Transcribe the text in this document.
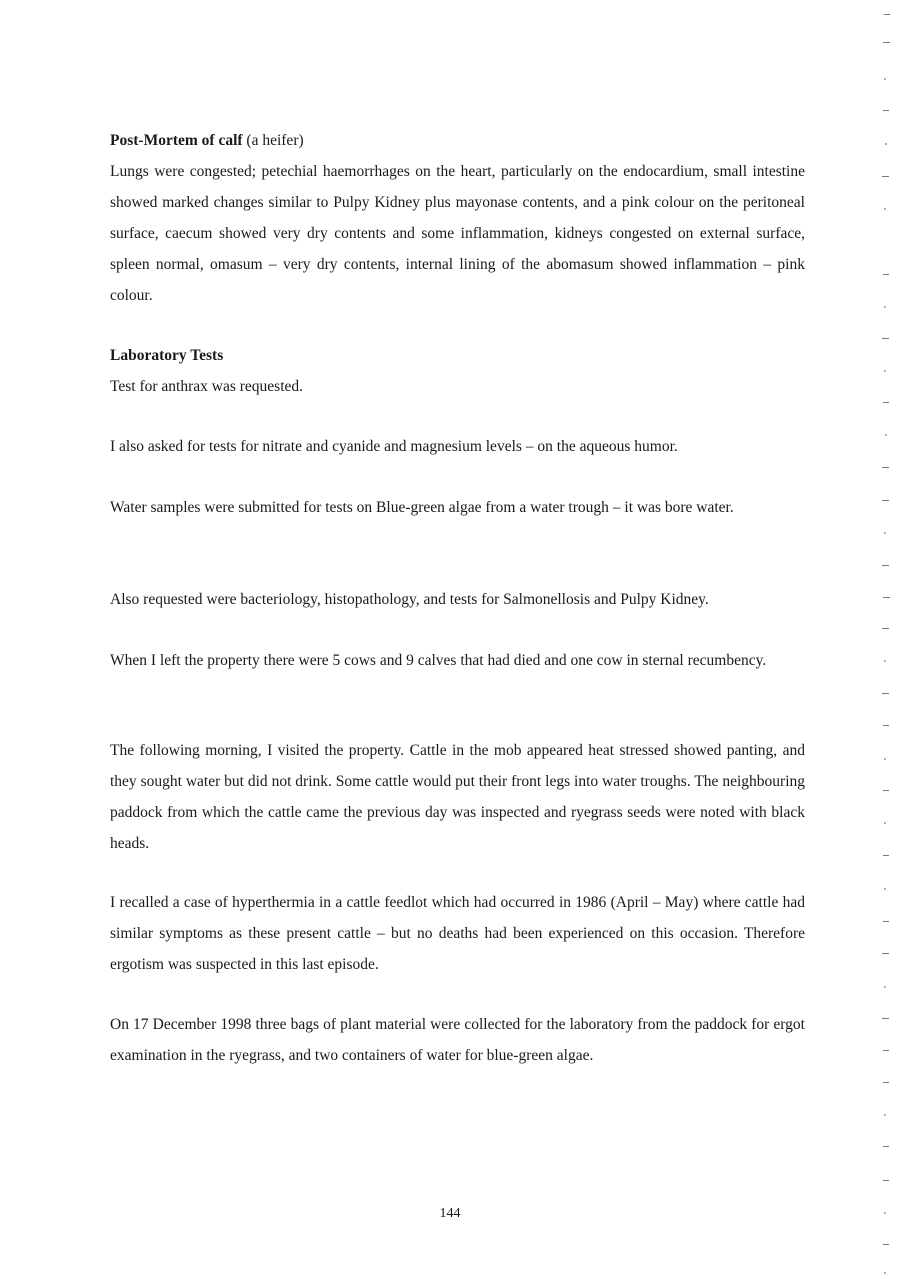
Post-Mortem of calf (a heifer)

Lungs were congested; petechial haemorrhages on the heart, particularly on the endocardium, small intestine showed marked changes similar to Pulpy Kidney plus mayonase contents, and a pink colour on the peritoneal surface, caecum showed very dry contents and some inflammation, kidneys congested on external surface, spleen normal, omasum – very dry contents, internal lining of the abomasum showed inflammation – pink colour.

Laboratory Tests

Test for anthrax was requested.

I also asked for tests for nitrate and cyanide and magnesium levels – on the aqueous humor.

Water samples were submitted for tests on Blue-green algae from a water trough – it was bore water.

Also requested were bacteriology, histopathology, and tests for Salmonellosis and Pulpy Kidney.

When I left the property there were 5 cows and 9 calves that had died and one cow in sternal recumbency.

The following morning, I visited the property. Cattle in the mob appeared heat stressed showed panting, and they sought water but did not drink. Some cattle would put their front legs into water troughs. The neighbouring paddock from which the cattle came the previous day was inspected and ryegrass seeds were noted with black heads.

I recalled a case of hyperthermia in a cattle feedlot which had occurred in 1986 (April – May) where cattle had similar symptoms as these present cattle – but no deaths had been experienced on this occasion. Therefore ergotism was suspected in this last episode.

On 17 December 1998 three bags of plant material were collected for the laboratory from the paddock for ergot examination in the ryegrass, and two containers of water for blue-green algae.

144
